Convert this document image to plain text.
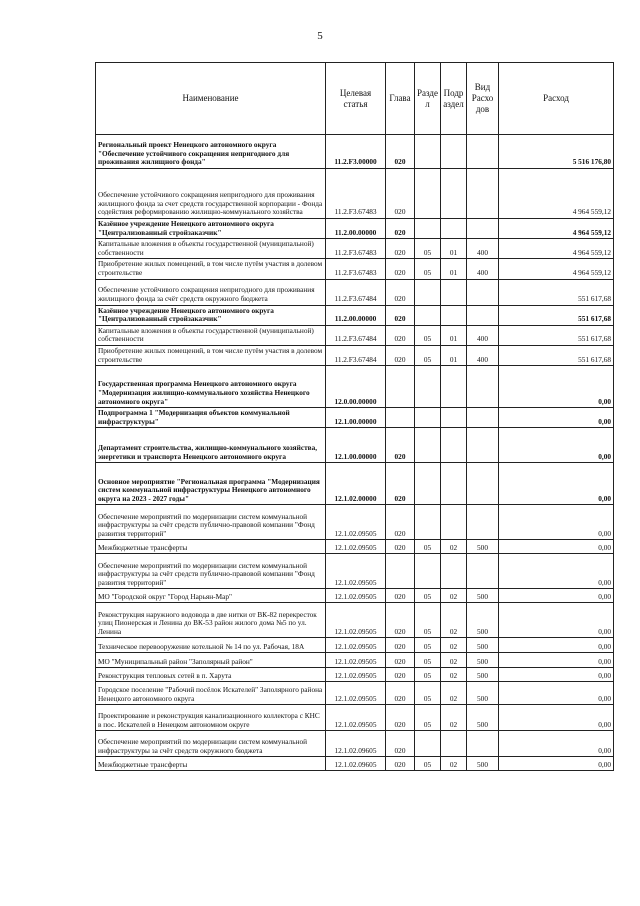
5
Наименование	Целевая статья	Глава	Разде л	Подр аздел	Вид Расхо дов	Расход
Региональный проект Ненецкого автономного округа "Обеспечение устойчивого сокращения непригодного для проживания жилищного фонда"	11.2.F3.00000	020				5 516 176,80
Обеспечение устойчивого сокращения непригодного для проживания жилищного фонда за счет средств государственной корпорации - Фонда содействия реформированию жилищно-коммунального хозяйства	11.2.F3.67483	020				4 964 559,12
Казённое учреждение Ненецкого автономного округа "Централизованный стройзаказчик"	11.2.00.00000	020				4 964 559,12
Капитальные вложения в объекты государственной (муниципальной) собственности	11.2.F3.67483	020	05	01	400	4 964 559,12
Приобретение жилых помещений, в том числе путём участия в долевом строительстве	11.2.F3.67483	020	05	01	400	4 964 559,12
Обеспечение устойчивого сокращения непригодного для проживания жилищного фонда за счёт средств окружного бюджета	11.2.F3.67484	020				551 617,68
Казённое учреждение Ненецкого автономного округа "Централизованный стройзаказчик"	11.2.00.00000	020				551 617,68
Капитальные вложения в объекты государственной (муниципальной) собственности	11.2.F3.67484	020	05	01	400	551 617,68
Приобретение жилых помещений, в том числе путём участия в долевом строительстве	11.2.F3.67484	020	05	01	400	551 617,68
Государственная программа Ненецкого автономного округа "Модернизация жилищно-коммунального хозяйства Ненецкого автономного округа"	12.0.00.00000					0,00
Подпрограмма 1 "Модернизация объектов коммунальной инфраструктуры"	12.1.00.00000					0,00
Департамент строительства, жилищно-коммунального хозяйства, энергетики и транспорта Ненецкого автономного округа	12.1.00.00000	020				0,00
Основное мероприятие "Региональная программа "Модернизация систем коммунальной инфраструктуры Ненецкого автономного округа на 2023 - 2027 годы"	12.1.02.00000	020				0,00
Обеспечение мероприятий по модернизации систем коммунальной инфраструктуры за счёт средств публично-правовой компании "Фонд развития территорий"	12.1.02.09505	020				0,00
Межбюджетные трансферты	12.1.02.09505	020	05	02	500	0,00
Обеспечение мероприятий по модернизации систем коммунальной инфраструктуры за счёт средств публично-правовой компании "Фонд развития территорий"	12.1.02.09505					0,00
МО "Городской округ "Город Нарьян-Мар"	12.1.02.09505	020	05	02	500	0,00
Реконструкция наружного водовода в две нитки от ВК-82 перекресток улиц Пионерская и Ленина до ВК-53 район жилого дома №5 по ул. Ленина	12.1.02.09505	020	05	02	500	0,00
Техническое перевооружение котельной № 14 по ул. Рабочая, 18А	12.1.02.09505	020	05	02	500	0,00
МО "Муниципальный район "Заполярный район"	12.1.02.09505	020	05	02	500	0,00
Реконструкция тепловых сетей в п. Харута	12.1.02.09505	020	05	02	500	0,00
Городское поселение "Рабочий посёлок Искателей" Заполярного района Ненецкого автономного округа	12.1.02.09505	020	05	02	500	0,00
Проектирование и реконструкция канализационного коллектора с КНС в пос. Искателей в Ненецком автономном округе	12.1.02.09505	020	05	02	500	0,00
Обеспечение мероприятий по модернизации систем коммунальной инфраструктуры за счёт средств окружного бюджета	12.1.02.09605	020				0,00
Межбюджетные трансферты	12.1.02.09605	020	05	02	500	0,00
